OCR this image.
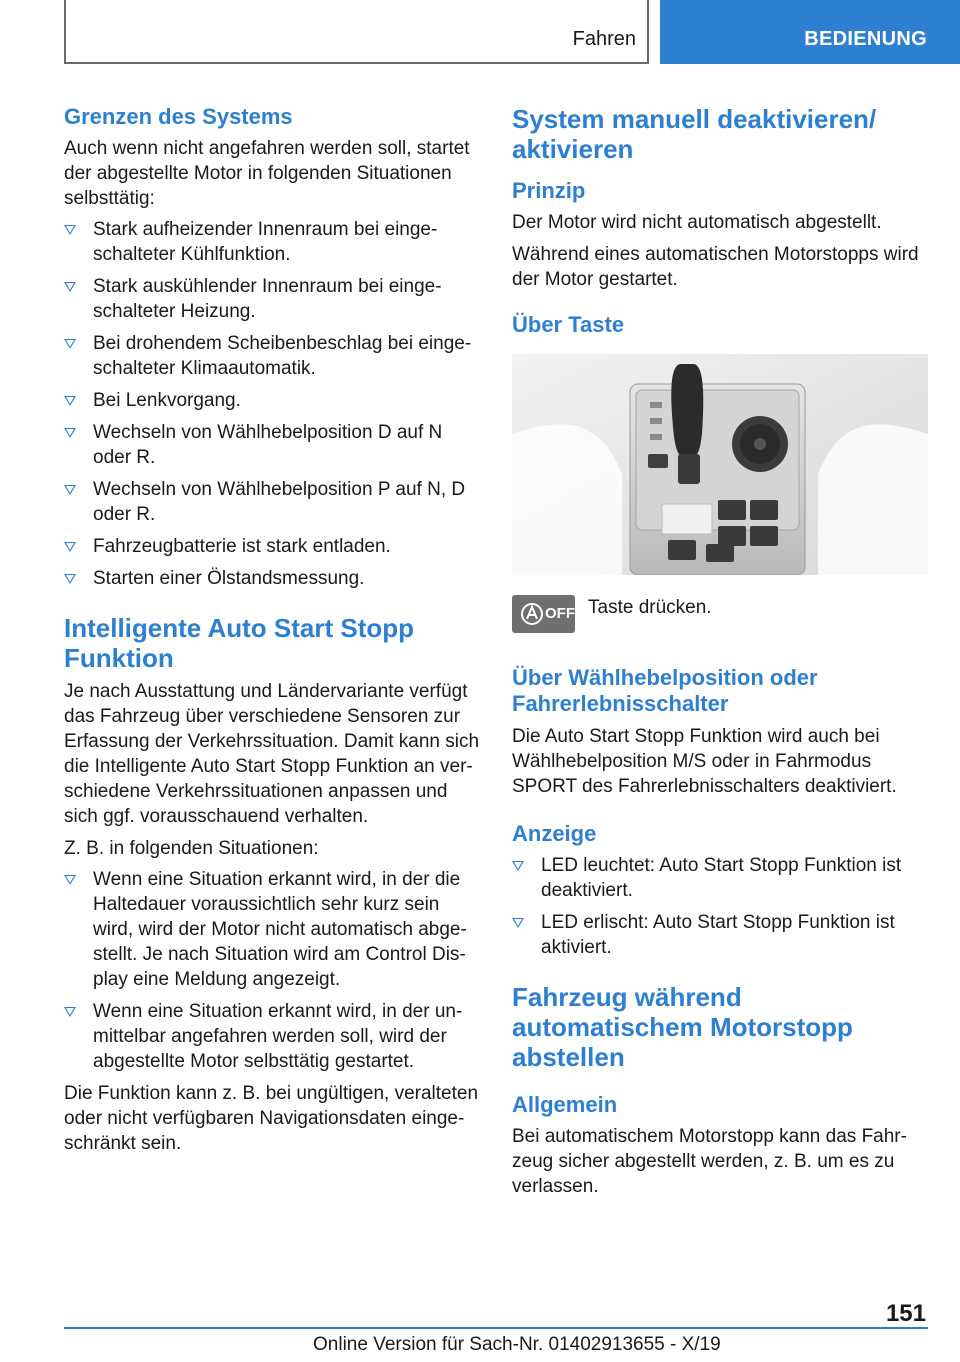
Fahren	BEDIENUNG
Grenzen des Systems

Auch wenn nicht angefahren werden soll, startet der abgestellte Motor in folgenden Situationen selbsttätig:

Stark aufheizender Innenraum bei einge-schalteter Kühlfunktion.
Stark auskühlender Innenraum bei einge-schalteter Heizung.
Bei drohendem Scheibenbeschlag bei einge-schalteter Klimaautomatik.
Bei Lenkvorgang.
Wechseln von Wählhebelposition D auf N oder R.
Wechseln von Wählhebelposition P auf N, D oder R.
Fahrzeugbatterie ist stark entladen.
Starten einer Ölstandsmessung.
Intelligente Auto Start Stopp Funktion

Je nach Ausstattung und Ländervariante verfügt das Fahrzeug über verschiedene Sensoren zur Erfassung der Verkehrssituation. Damit kann sich die Intelligente Auto Start Stopp Funktion an ver-schiedene Verkehrssituationen anpassen und sich ggf. vorausschauend verhalten.

Z. B. in folgenden Situationen:

Wenn eine Situation erkannt wird, in der die Haltedauer voraussichtlich sehr kurz sein wird, wird der Motor nicht automatisch abge-stellt. Je nach Situation wird am Control Dis-play eine Meldung angezeigt.
Wenn eine Situation erkannt wird, in der un-mittelbar angefahren werden soll, wird der abgestellte Motor selbsttätig gestartet.

Die Funktion kann z. B. bei ungültigen, veralteten oder nicht verfügbaren Navigationsdaten einge-schränkt sein.

System manuell deaktivieren/ aktivieren
Prinzip

Der Motor wird nicht automatisch abgestellt.

Während eines automatischen Motorstopps wird der Motor gestartet.

Über Taste
OFF Taste drücken.
Über Wählhebelposition oder Fahrerlebnisschalter

Die Auto Start Stopp Funktion wird auch bei Wählhebelposition M/S oder in Fahrmodus SPORT des Fahrerlebnisschalters deaktiviert.

Anzeige
LED leuchtet: Auto Start Stopp Funktion ist deaktiviert.
LED erlischt: Auto Start Stopp Funktion ist aktiviert.
Fahrzeug während automatischem Motorstopp abstellen
Allgemein

Bei automatischem Motorstopp kann das Fahr-zeug sicher abgestellt werden, z. B. um es zu verlassen.

151
Online Version für Sach-Nr. 01402913655 - X/19
